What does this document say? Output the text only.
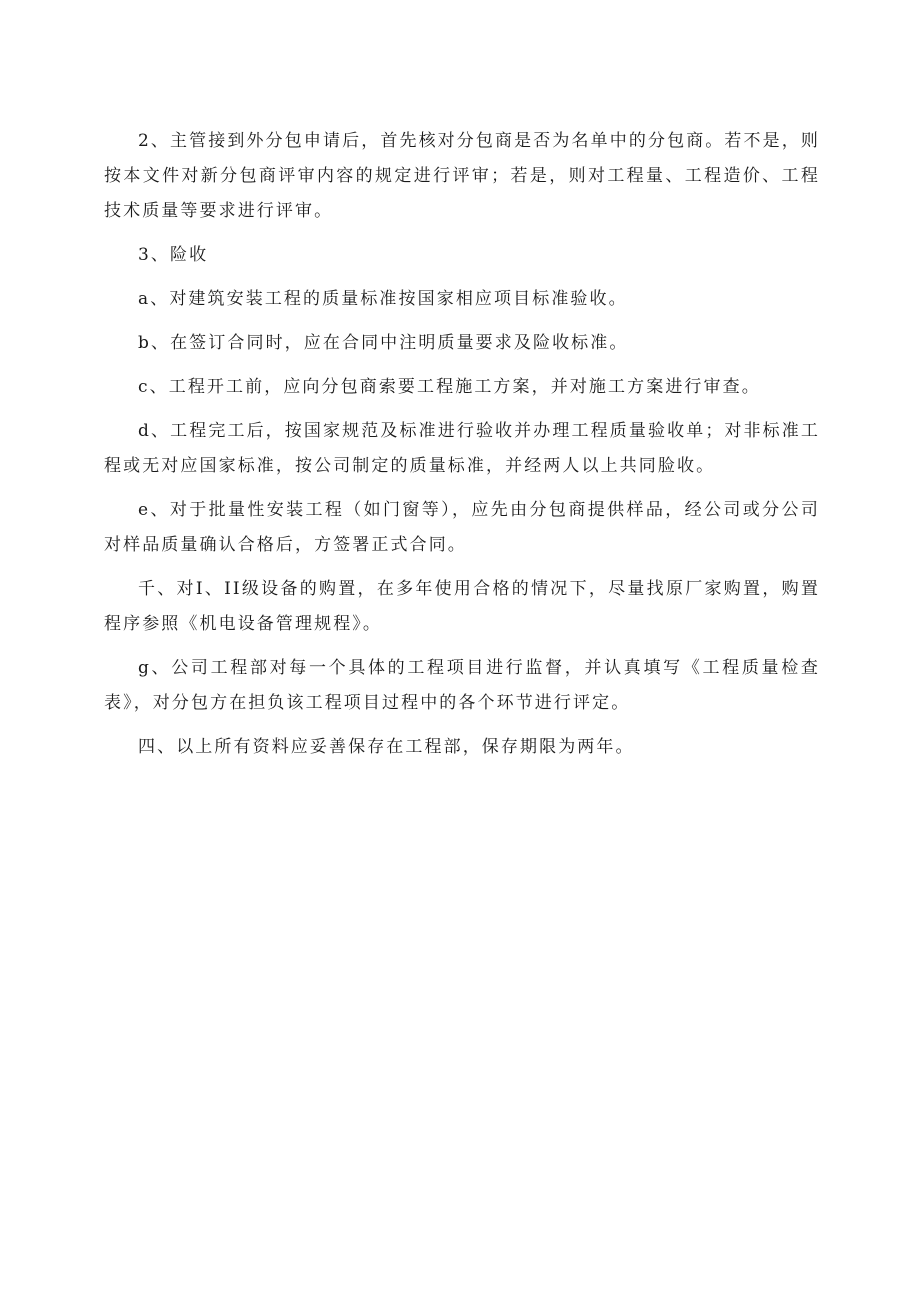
2、主管接到外分包申请后，首先核对分包商是否为名单中的分包商。若不是，则按本文件对新分包商评审内容的规定进行评审；若是，则对工程量、工程造价、工程技术质量等要求进行评审。

3、险收

a、对建筑安装工程的质量标准按国家相应项目标准验收。

b、在签订合同时，应在合同中注明质量要求及险收标准。

c、工程开工前，应向分包商索要工程施工方案，并对施工方案进行审查。

d、工程完工后，按国家规范及标准进行验收并办理工程质量验收单；对非标准工程或无对应国家标准，按公司制定的质量标准，并经两人以上共同脸收。

e、对于批量性安装工程（如门窗等），应先由分包商提供样品，经公司或分公司对样品质量确认合格后，方签署正式合同。

千、对I、II级设备的购置，在多年使用合格的情况下，尽量找原厂家购置，购置程序参照《机电设备管理规程》。

g、公司工程部对每一个具体的工程项目进行监督，并认真填写《工程质量检查表》，对分包方在担负该工程项目过程中的各个环节进行评定。

四、以上所有资料应妥善保存在工程部，保存期限为两年。
